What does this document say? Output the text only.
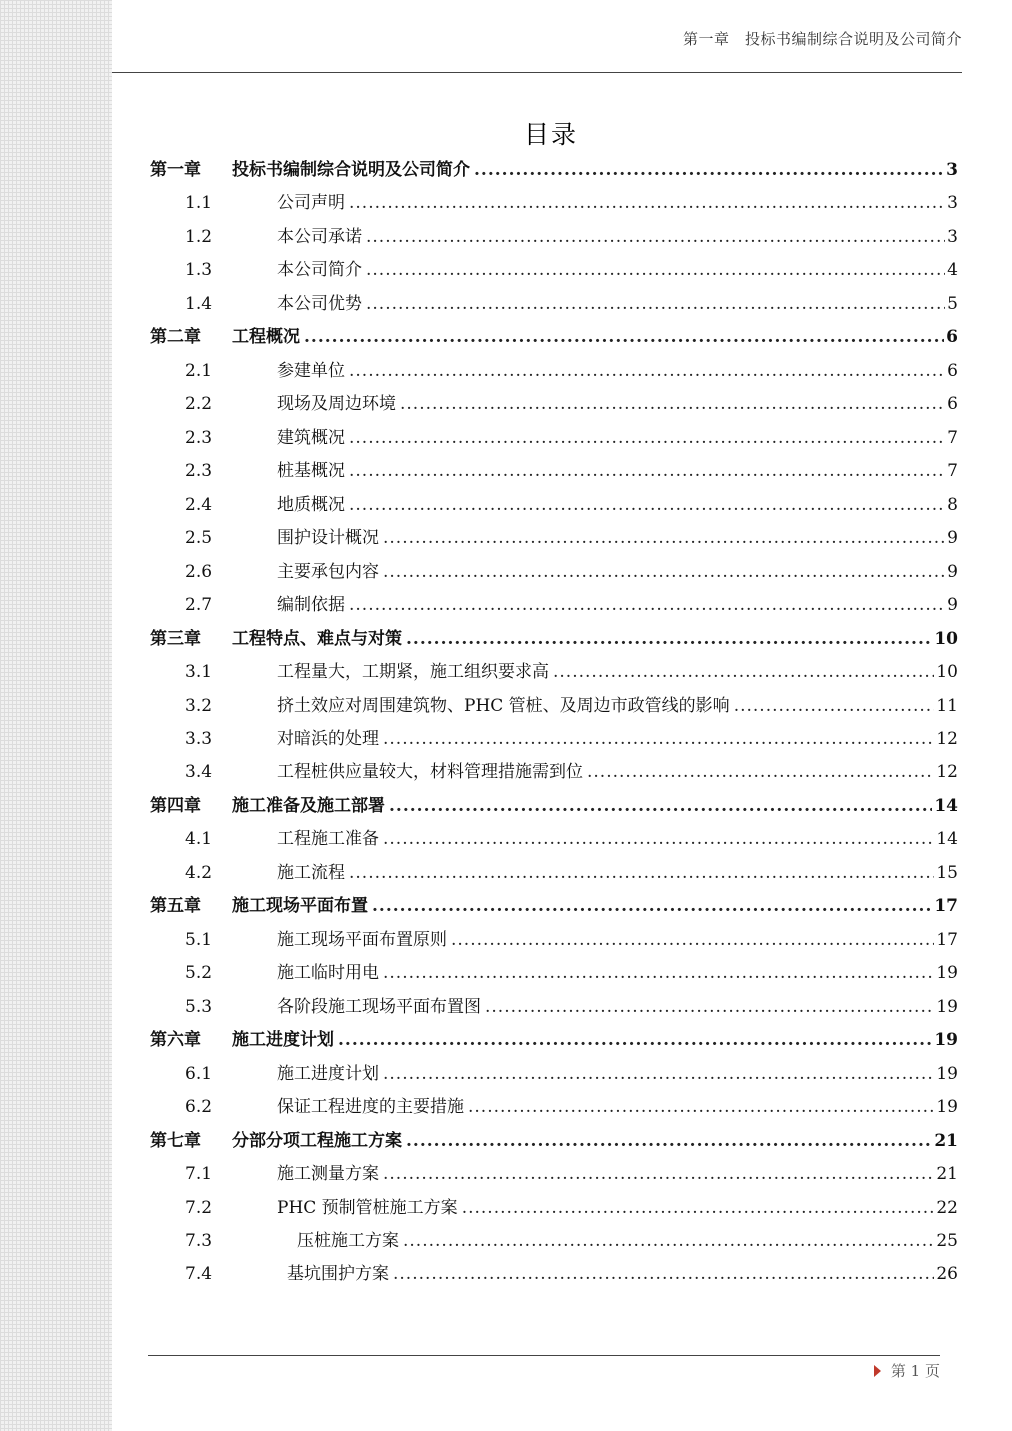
第一章　投标书编制综合说明及公司简介
目录
第一章	投标书编制综合说明及公司简介 .....	3
1.1	公司声明 .....	3
1.2	本公司承诺 .....	3
1.3	本公司简介 .....	4
1.4	本公司优势 .....	5
第二章	工程概况 .....	6
2.1	参建单位 .....	6
2.2	现场及周边环境 .....	6
2.3	建筑概况 .....	7
2.3	桩基概况 .....	7
2.4	地质概况 .....	8
2.5	围护设计概况 .....	9
2.6	主要承包内容 .....	9
2.7	编制依据 .....	9
第三章	工程特点、难点与对策 .....	10
3.1	工程量大，工期紧，施工组织要求高 .....	10
3.2	挤土效应对周围建筑物、PHC 管桩、及周边市政管线的影响 .....	11
3.3	对暗浜的处理 .....	12
3.4	工程桩供应量较大，材料管理措施需到位 .....	12
第四章	施工准备及施工部署 .....	14
4.1	工程施工准备 .....	14
4.2	施工流程 .....	15
第五章	施工现场平面布置 .....	17
5.1	施工现场平面布置原则 .....	17
5.2	施工临时用电 .....	19
5.3	各阶段施工现场平面布置图 .....	19
第六章	施工进度计划 .....	19
6.1	施工进度计划 .....	19
6.2	保证工程进度的主要措施 .....	19
第七章	分部分项工程施工方案 .....	21
7.1	施工测量方案 .....	21
7.2	PHC 预制管桩施工方案 .....	22
7.3	压桩施工方案 .....	25
7.4	基坑围护方案 .....	26
第 1 页
